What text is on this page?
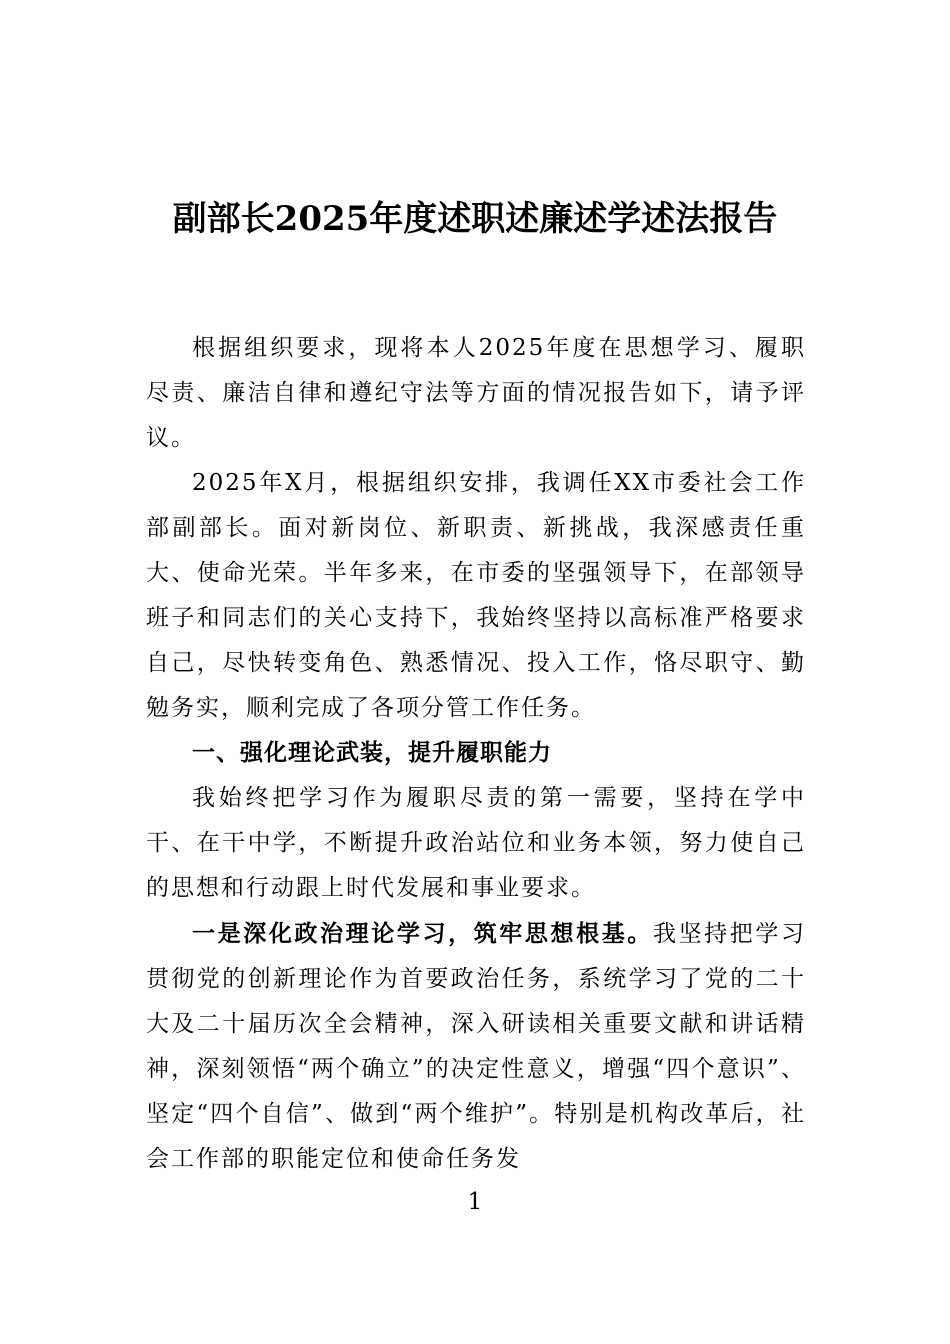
副部长2025年度述职述廉述学述法报告

根据组织要求，现将本人2025年度在思想学习、履职尽责、廉洁自律和遵纪守法等方面的情况报告如下，请予评议。

2025年X月，根据组织安排，我调任XX市委社会工作部副部长。面对新岗位、新职责、新挑战，我深感责任重大、使命光荣。半年多来，在市委的坚强领导下，在部领导班子和同志们的关心支持下，我始终坚持以高标准严格要求自己，尽快转变角色、熟悉情况、投入工作，恪尽职守、勤勉务实，顺利完成了各项分管工作任务。

一、强化理论武装，提升履职能力

我始终把学习作为履职尽责的第一需要，坚持在学中干、在干中学，不断提升政治站位和业务本领，努力使自己的思想和行动跟上时代发展和事业要求。

一是深化政治理论学习，筑牢思想根基。我坚持把学习贯彻党的创新理论作为首要政治任务，系统学习了党的二十大及二十届历次全会精神，深入研读相关重要文献和讲话精神，深刻领悟“两个确立”的决定性意义，增强“四个意识”、坚定“四个自信”、做到“两个维护”。特别是机构改革后，社会工作部的职能定位和使命任务发

1
